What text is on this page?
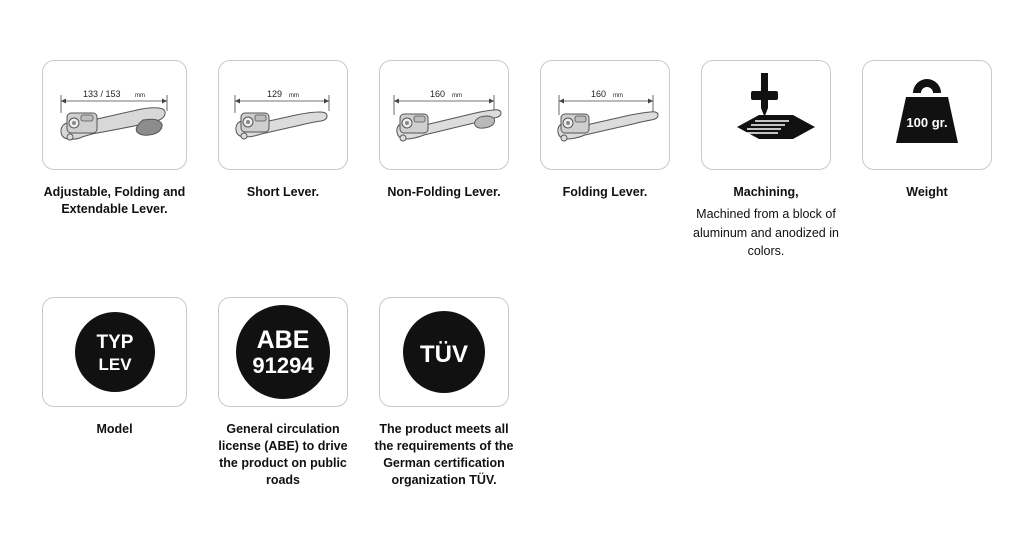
133 / 153 mm
Adjustable, Folding and Extendable Lever.
129 mm
Short Lever.
160 mm
Non-Folding Lever.
160 mm
Folding Lever.	Machining,
Machined from a block of aluminum and anodized in colors.
100 gr.
Weight
TYP
LEV
Model
ABE
91294
General circulation license (ABE) to drive the product on public roads
TÜV
The product meets all the requirements of the German certification organization TÜV.
